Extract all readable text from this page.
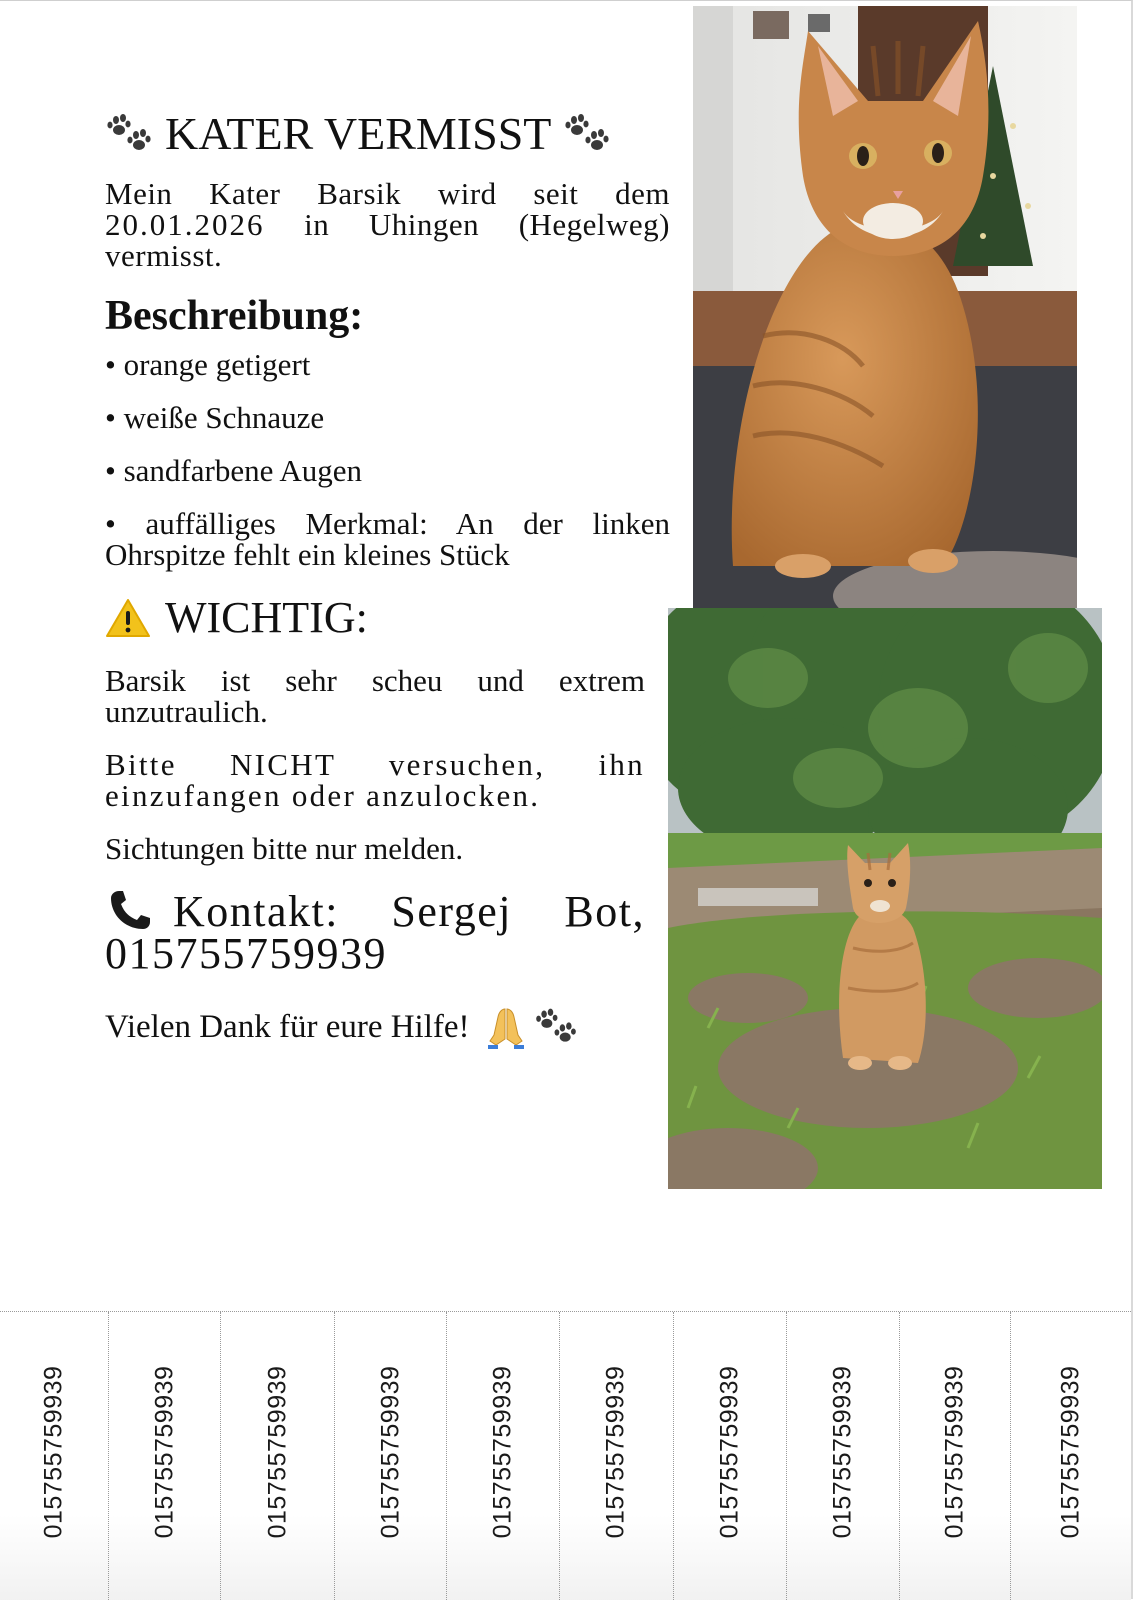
KATER VERMISST

Mein Kater Barsik wird seit dem 20.01.2026 in Uhingen (Hegelweg) vermisst.

Beschreibung:
• orange getigert
• weiße Schnauze
• sandfarbene Augen
• auffälliges Merkmal: An der linken Ohrspitze fehlt ein kleines Stück
WICHTIG:

Barsik ist sehr scheu und extrem unzutraulich.

Bitte NICHT versuchen, ihn einzufangen oder anzulocken.

Sichtungen bitte nur melden.

Kontakt: Sergej Bot, 015755759939

Vielen Dank für eure Hilfe!

015755759939	015755759939	015755759939	015755759939	015755759939	015755759939	015755759939	015755759939	015755759939	015755759939
